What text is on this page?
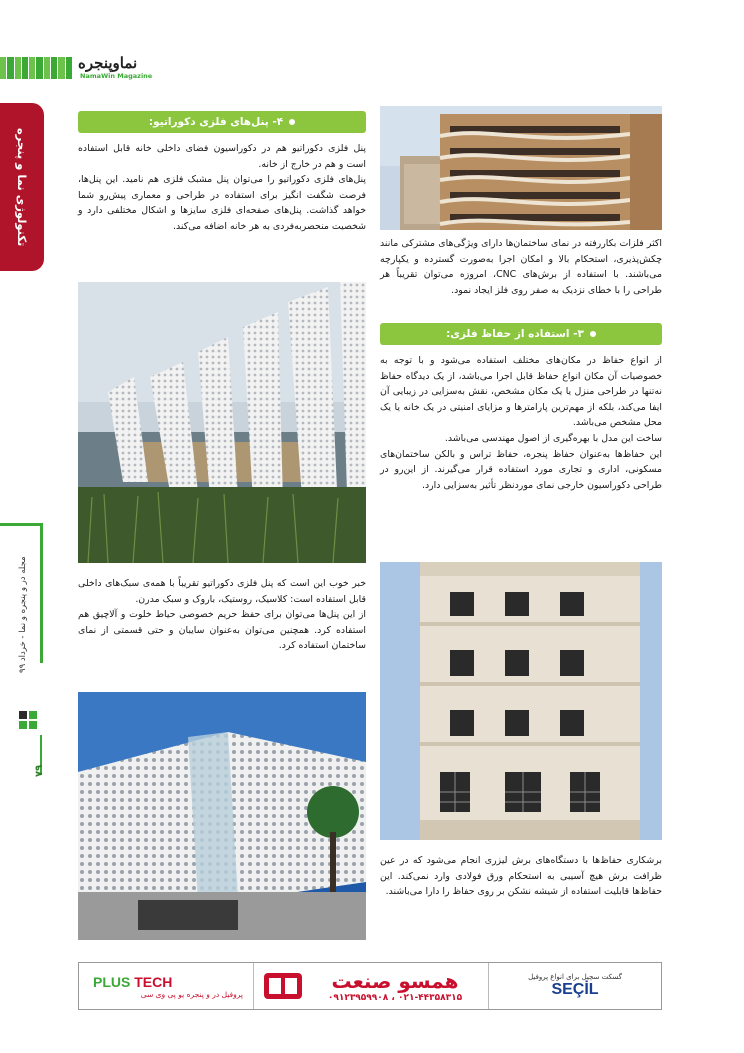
نماوپنجره
NamaWin Magazine
تکنولوژی نما و پنجره
مجله در و پنجره و نما - خرداد ۹۹
۷۹
۴- پنل‌های فلزی دکوراتیو:

پنل فلزی دکوراتیو هم در دکوراسیون فضای داخلی خانه قابل استفاده است و هم در خارج از خانه.

پنل‌های فلزی دکوراتیو را می‌توان پنل مشبک فلزی هم نامید. این پنل‌ها، فرصت شگفت انگیز برای استفاده در طراحی و معماری پیش‌رو شما خواهد گذاشت. پنل‌های صفحه‌ای فلزی سایزها و اشکال مختلفی دارد و شخصیت منحصربه‌فردی به هر خانه اضافه می‌کند.

اکثر فلزات بکاررفته در نمای ساختمان‌ها دارای ویژگی‌های مشترکی مانند چکش‌پذیری، استحکام بالا و امکان اجرا به‌صورت گسترده و یکپارچه می‌باشند. با استفاده از برش‌های CNC، امروزه می‌توان تقریباً هر طراحی را با خطای نزدیک به صفر روی فلز ایجاد نمود.
۳- استفاده از حفاظ فلزی:

از انواع حفاظ در مکان‌های مختلف استفاده می‌شود و با توجه به خصوصیات آن مکان انواع حفاظ قابل اجرا می‌باشد، از یک دیدگاه حفاظ نه‌تنها در طراحی منزل یا یک مکان مشخص، نقش به‌سزایی در زیبایی آن ایفا می‌کند، بلکه از مهم‌ترین پارامترها و مزایای امنیتی در یک خانه یا یک محل مشخص می‌باشد.

ساخت این مدل با بهره‌گیری از اصول مهندسی می‌باشد.

این حفاظ‌ها به‌عنوان حفاظ پنجره، حفاظ تراس و بالکن ساختمان‌های مسکونی، اداری و تجاری مورد استفاده قرار می‌گیرند. از این‌رو در طراحی دکوراسیون خارجی نمای موردنظر تأثیر به‌سزایی دارد.

خبر خوب این است که پنل فلزی دکوراتیو تقریباً با همه‌ی سبک‌های داخلی قابل استفاده است: کلاسیک، روستیک، باروک و سبک مدرن.

از این پنل‌ها می‌توان برای حفظ حریم خصوصی حیاط خلوت و آلاچیق هم استفاده کرد. همچنین می‌توان به‌عنوان سایبان و حتی قسمتی از نمای ساختمان استفاده کرد.

برشکاری حفاظ‌ها با دستگاه‌های برش لیزری انجام می‌شود که در عین ظرافت برش هیچ آسیبی به استحکام ورق فولادی وارد نمی‌کند. این حفاظ‌ها قابلیت استفاده از شیشه نشکن بر روی حفاظ را دارا می‌باشند.
PLUS TECH
پروفیل در و پنجره یو پی وی سی
همسو صنعت
۰۲۱-۴۴۳۵۸۳۱۵ ، ۰۹۱۲۳۹۵۹۹۰۸
گسکت سچیل برای انواع پروفیل
SEÇİL
